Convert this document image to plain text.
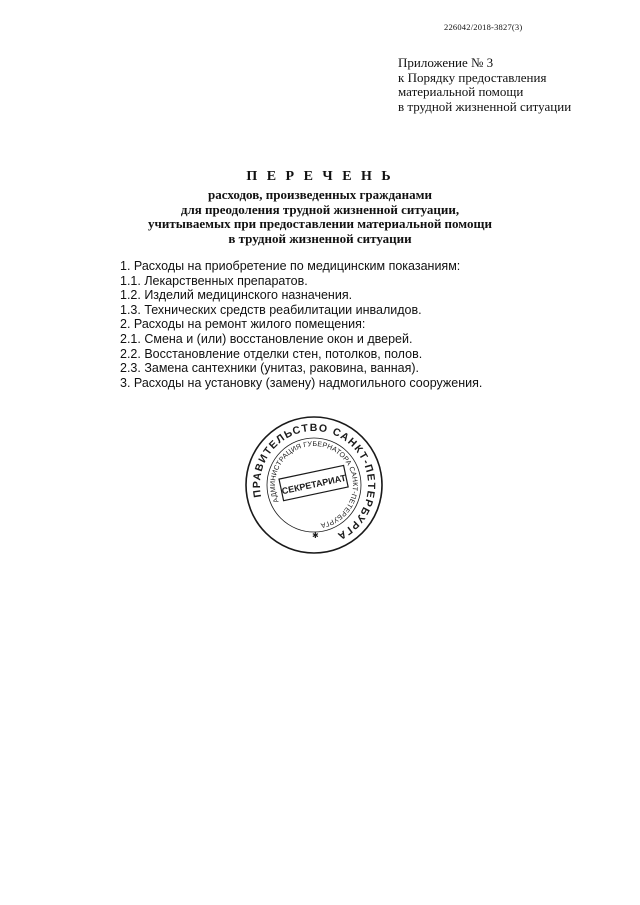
226042/2018-3827(3)
Приложение № 3
к Порядку предоставления
материальной помощи
в трудной жизненной ситуации
П Е Р Е Ч Е Н Ь
расходов, произведенных гражданами
для преодоления трудной жизненной ситуации,
учитываемых при предоставлении материальной помощи
в трудной жизненной ситуации
1. Расходы на приобретение по медицинским показаниям:
1.1. Лекарственных препаратов.
1.2. Изделий медицинского назначения.
1.3. Технических средств реабилитации инвалидов.
2. Расходы на ремонт жилого помещения:
2.1. Смена и (или) восстановление окон и дверей.
2.2. Восстановление отделки стен, потолков, полов.
2.3. Замена сантехники (унитаз, раковина, ванная).
3. Расходы на установку (замену) надмогильного сооружения.
ПРАВИТЕЛЬСТВО САНКТ-ПЕТЕРБУРГА
АДМИНИСТРАЦИЯ ГУБЕРНАТОРА САНКТ-ПЕТЕРБУРГА
✱
СЕКРЕТАРИАТ
